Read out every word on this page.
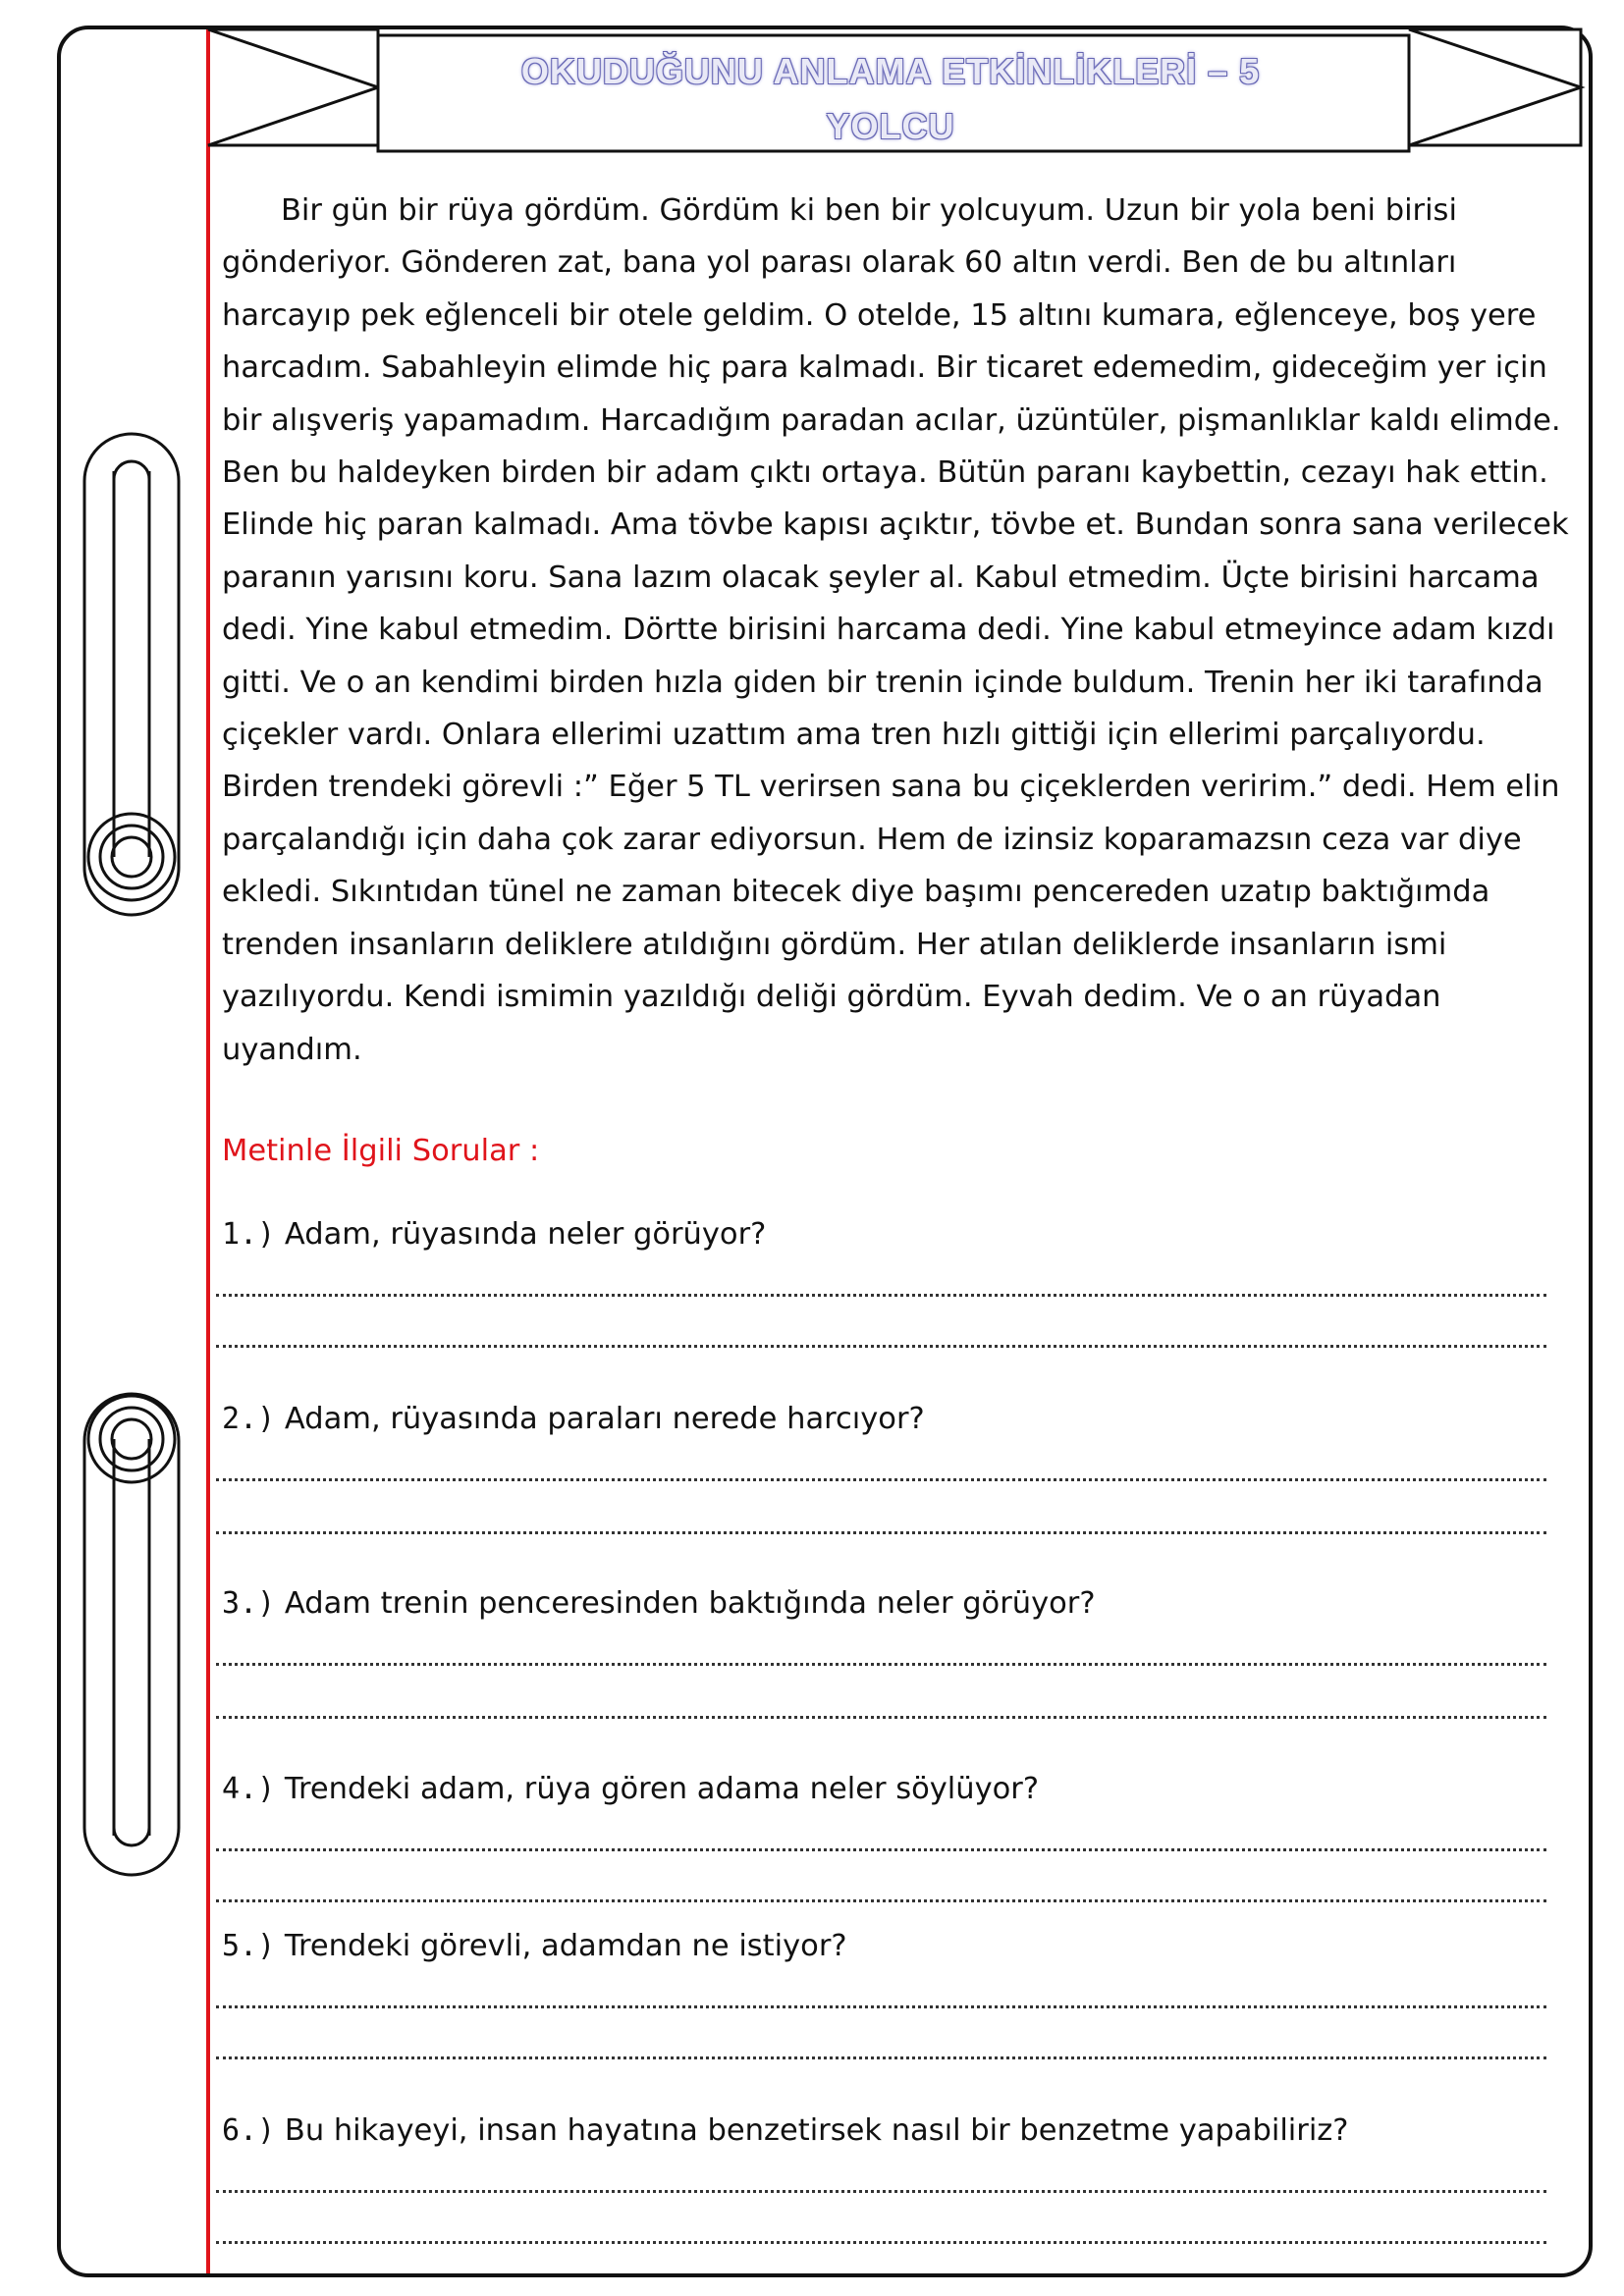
OKUDUĞUNU ANLAMA ETKİNLİKLERİ – 5
YOLCU

Bir gün bir rüya gördüm. Gördüm ki ben bir yolcuyum. Uzun bir yola beni birisi gönderiyor. Gönderen zat, bana yol parası olarak 60 altın verdi. Ben de bu altınları harcayıp pek eğlenceli bir otele geldim. O otelde, 15 altını kumara, eğlenceye, boş yere harcadım. Sabahleyin elimde hiç para kalmadı. Bir ticaret edemedim, gideceğim yer için bir alışveriş yapamadım. Harcadığım paradan acılar, üzüntüler, pişmanlıklar kaldı elimde. Ben bu haldeyken birden bir adam çıktı ortaya. Bütün paranı kaybettin, cezayı hak ettin. Elinde hiç paran kalmadı. Ama tövbe kapısı açıktır, tövbe et. Bundan sonra sana verilecek paranın yarısını koru. Sana lazım olacak şeyler al. Kabul etmedim. Üçte birisini harcama dedi. Yine kabul etmedim. Dörtte birisini harcama dedi. Yine kabul etmeyince adam kızdı gitti. Ve o an kendimi birden hızla giden bir trenin içinde buldum. Trenin her iki tarafında çiçekler vardı. Onlara ellerimi uzattım ama tren hızlı gittiği için ellerimi parçalıyordu. Birden trendeki görevli :” Eğer 5 TL verirsen sana bu çiçeklerden veririm.” dedi. Hem elin parçalandığı için daha çok zarar ediyorsun. Hem de izinsiz koparamazsın ceza var diye ekledi. Sıkıntıdan tünel ne zaman bitecek diye başımı pencereden uzatıp baktığımda trenden insanların deliklere atıldığını gördüm. Her atılan deliklerde insanların ismi yazılıyordu. Kendi ismimin yazıldığı deliği gördüm. Eyvah dedim. Ve o an rüyadan uyandım.

Metinle İlgili Sorular :
1.) Adam, rüyasında neler görüyor?
2.) Adam, rüyasında paraları nerede harcıyor?
3.) Adam trenin penceresinden baktığında neler görüyor?
4.) Trendeki adam, rüya gören adama neler söylüyor?
5.) Trendeki görevli, adamdan ne istiyor?
6.) Bu hikayeyi, insan hayatına benzetirsek nasıl bir benzetme yapabiliriz?
